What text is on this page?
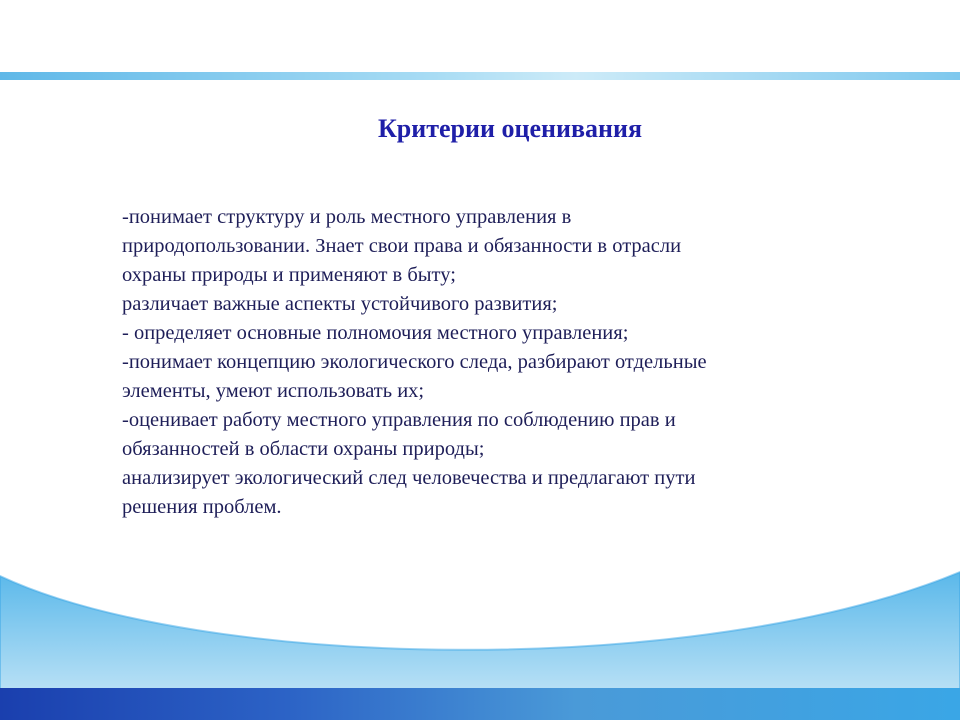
Критерии оценивания
-понимает структуру и роль местного управления в
природопользовании. Знает свои права и обязанности в отрасли
охраны природы и применяют в быту;
различает важные аспекты устойчивого развития;
- определяет основные полномочия местного управления;
-понимает концепцию экологического следа, разбирают отдельные
элементы, умеют использовать их;
-оценивает работу местного управления по соблюдению прав и
обязанностей в области охраны природы;
анализирует экологический след человечества и предлагают пути
решения проблем.
